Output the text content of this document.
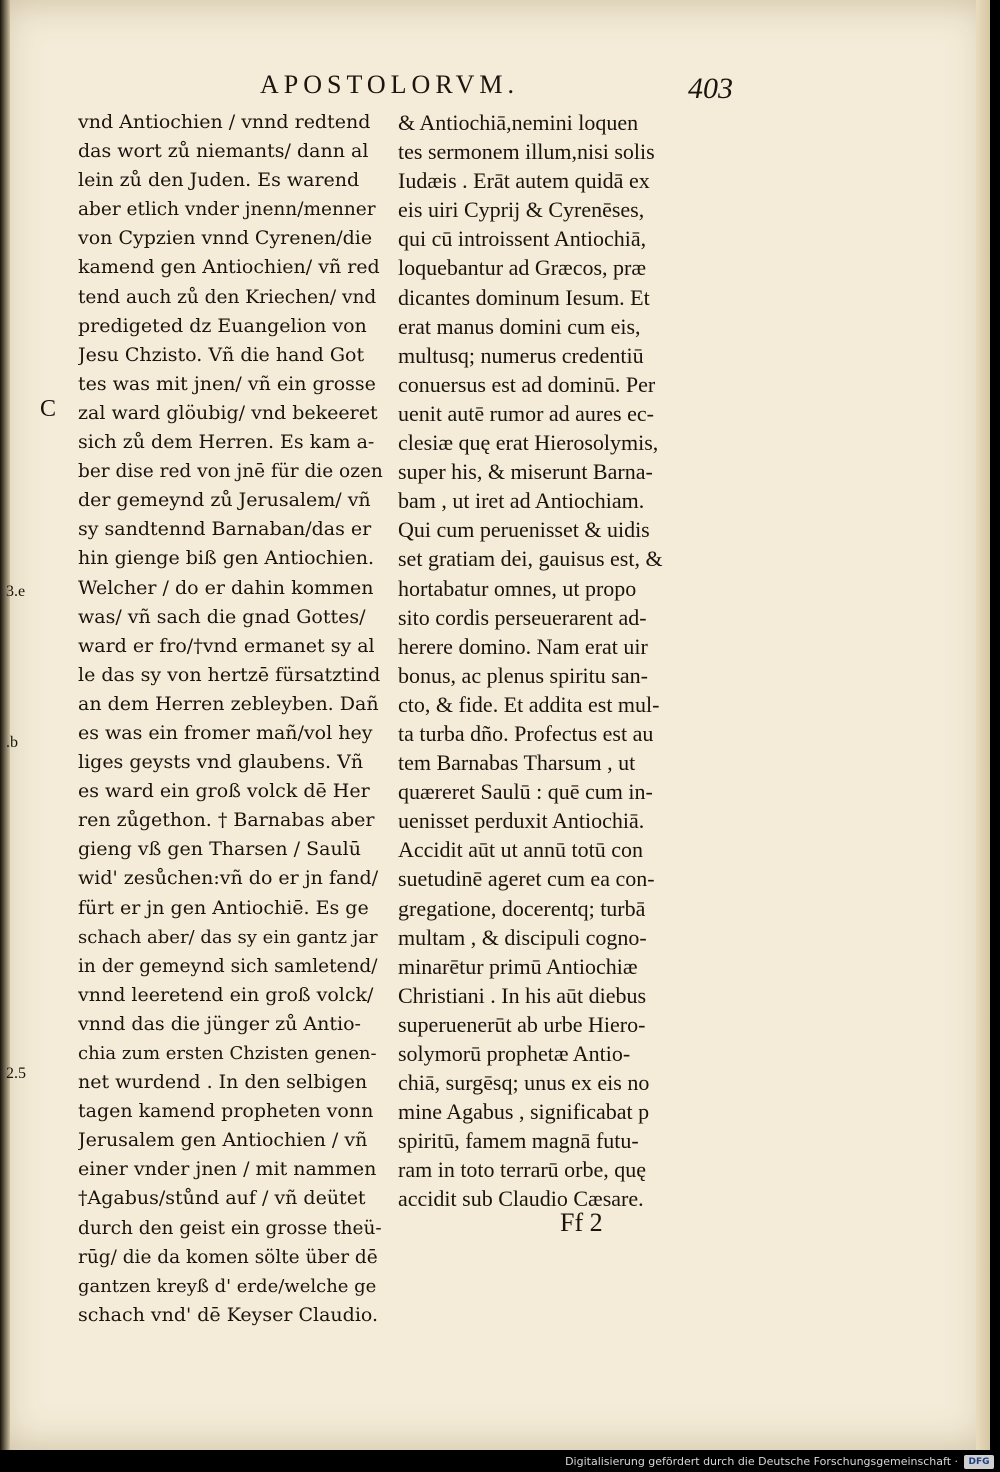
APOSTOLORVM.	403
C
3.e
.b
2.5
vnd Antiochien / vnnd redtend
das wort zů niemants/ dann al
lein zů den Juden. Es warend
aber etlich vnder jnenn/menner
von Cypzien vnnd Cyrenen/die
kamend gen Antiochien/ vñ red
tend auch zů den Kriechen/ vnd
predigeted dz Euangelion von
Jesu Chzisto. Vñ die hand Got
tes was mit jnen/ vñ ein grosse
zal ward glöubig/ vnd bekeeret
sich zů dem Herren. Es kam a-
ber dise red von jnē für die ozen
der gemeynd zů Jerusalem/ vñ
sy sandtennd Barnaban/das er
hin gienge biß gen Antiochien.
Welcher / do er dahin kommen
was/ vñ sach die gnad Gottes/
ward er fro/†vnd ermanet sy al
le das sy von hertzē fürsatztind
an dem Herren zebleyben. Dañ
es was ein fromer mañ/vol hey
liges geysts vnd glaubens. Vñ
es ward ein groß volck dē Her
ren zůgethon. † Barnabas aber
gieng vß gen Tharsen / Saulū
wid' zesůchen:vñ do er jn fand/
fürt er jn gen Antiochiē. Es ge
schach aber/ das sy ein gantz jar
in der gemeynd sich samletend/
vnnd leeretend ein groß volck/
vnnd das die jünger zů Antio-
chia zum ersten Chzisten genen-
net wurdend . In den selbigen
tagen kamend propheten vonn
Jerusalem gen Antiochien / vñ
einer vnder jnen / mit nammen
†Agabus/stůnd auf / vñ deütet
durch den geist ein grosse theü-
rūg/ die da komen sölte über dē
gantzen kreyß d' erde/welche ge
schach vnd' dē Keyser Claudio.
& Antiochiā,nemini loquen
tes sermonem illum,nisi solis
Iudæis . Erāt autem quidā ex
eis uiri Cyprij & Cyrenēses,
qui cū introissent Antiochiā,
loquebantur ad Græcos, præ
dicantes dominum Iesum. Et
erat manus domini cum eis,
multusq; numerus credentiū
conuersus est ad dominū. Per
uenit autē rumor ad aures ec-
clesiæ quę erat Hierosolymis,
super his, & miserunt Barna-
bam , ut iret ad Antiochiam.
Qui cum peruenisset & uidis
set gratiam dei, gauisus est, &
hortabatur omnes, ut propo
sito cordis perseuerarent ad-
herere domino. Nam erat uir
bonus, ac plenus spiritu san-
cto, & fide. Et addita est mul-
ta turba dño. Profectus est au
tem Barnabas Tharsum , ut
quæreret Saulū : quē cum in-
uenisset perduxit Antiochiā.
Accidit aūt ut annū totū con
suetudinē ageret cum ea con-
gregatione, docerentq; turbā
multam , & discipuli cogno-
minarētur primū Antiochiæ
Christiani . In his aūt diebus
superuenerūt ab urbe Hiero-
solymorū prophetæ Antio-
chiā, surgēsq; unus ex eis no
mine Agabus , significabat p
spiritū, famem magnā futu-
ram in toto terrarū orbe, quę
accidit sub Claudio Cæsare.
Ff 2
Digitalisierung gefördert durch die Deutsche Forschungsgemeinschaft ·	DFG
